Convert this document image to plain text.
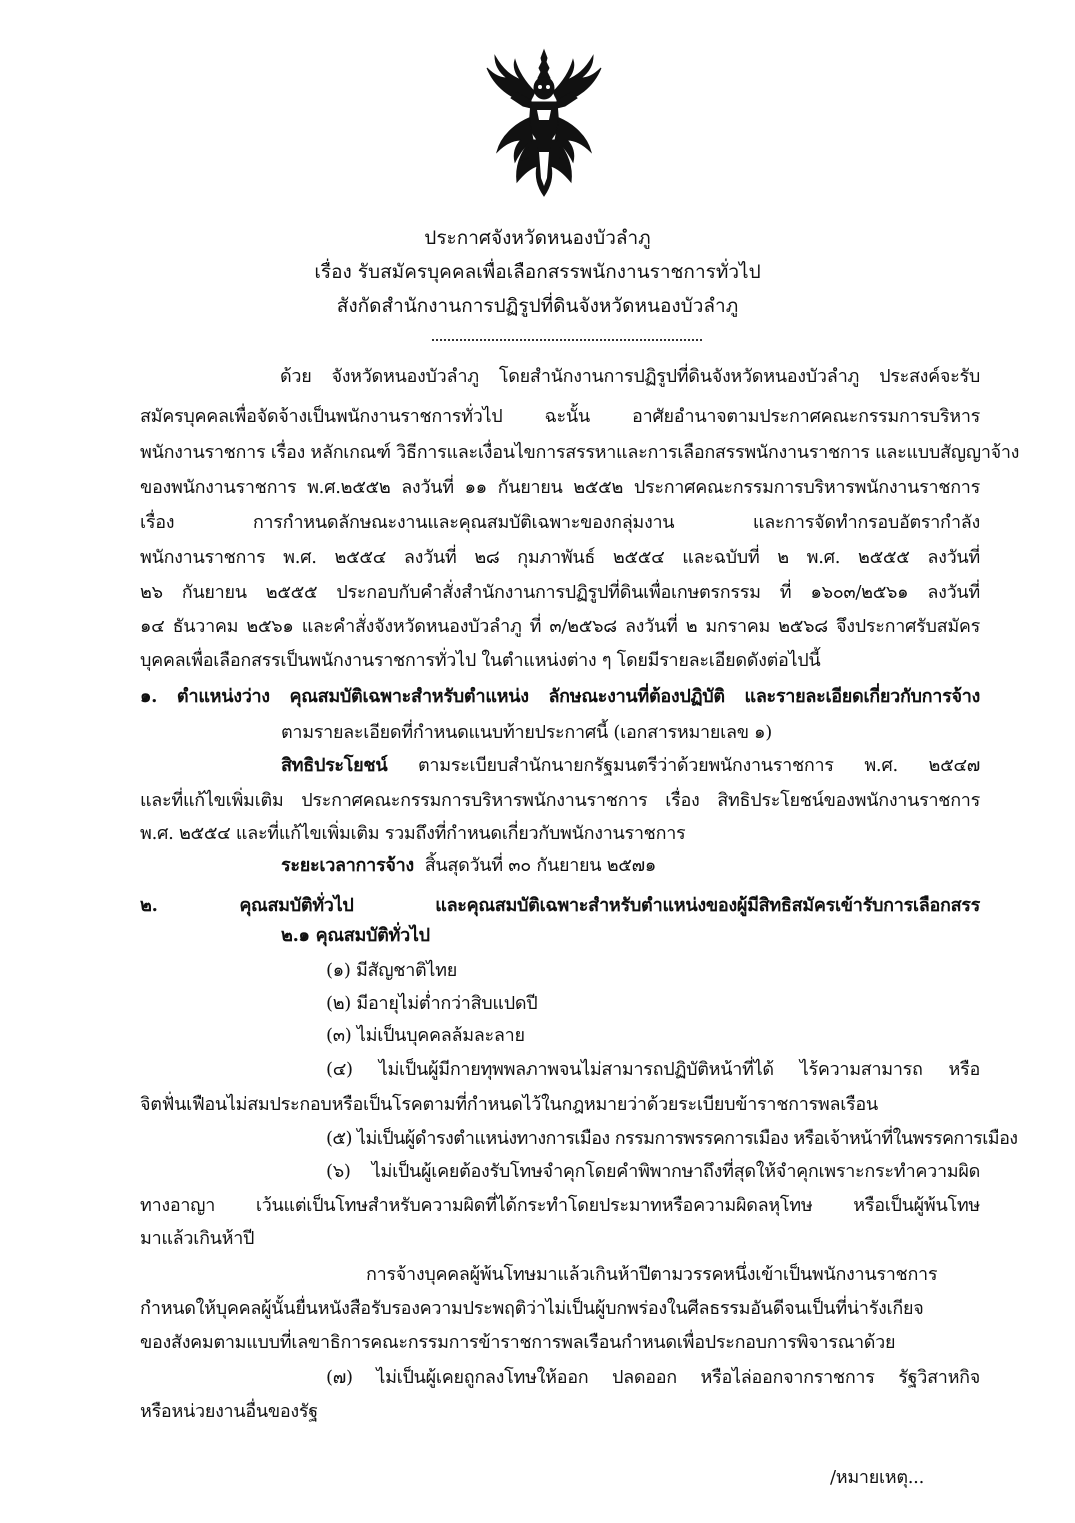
ประกาศจังหวัดหนองบัวลำภู
เรื่อง รับสมัครบุคคลเพื่อเลือกสรรพนักงานราชการทั่วไป
สังกัดสำนักงานการปฏิรูปที่ดินจังหวัดหนองบัวลำภู
ด้วย จังหวัดหนองบัวลำภู โดยสำนักงานการปฏิรูปที่ดินจังหวัดหนองบัวลำภู ประสงค์จะรับ
สมัครบุคคลเพื่อจัดจ้างเป็นพนักงานราชการทั่วไป ฉะนั้น อาศัยอำนาจตามประกาศคณะกรรมการบริหาร
พนักงานราชการ เรื่อง หลักเกณฑ์ วิธีการและเงื่อนไขการสรรหาและการเลือกสรรพนักงานราชการ และแบบสัญญาจ้าง
ของพนักงานราชการ พ.ศ.๒๕๕๒ ลงวันที่ ๑๑ กันยายน ๒๕๕๒ ประกาศคณะกรรมการบริหารพนักงานราชการ
เรื่อง การกำหนดลักษณะงานและคุณสมบัติเฉพาะของกลุ่มงาน และการจัดทำกรอบอัตรากำลัง
พนักงานราชการ พ.ศ. ๒๕๕๔ ลงวันที่ ๒๘ กุมภาพันธ์ ๒๕๕๔ และฉบับที่ ๒ พ.ศ. ๒๕๕๕ ลงวันที่
๒๖ กันยายน ๒๕๕๕ ประกอบกับคำสั่งสำนักงานการปฏิรูปที่ดินเพื่อเกษตรกรรม ที่ ๑๖๐๓/๒๕๖๑ ลงวันที่
๑๔ ธันวาคม ๒๕๖๑ และคำสั่งจังหวัดหนองบัวลำภู ที่ ๓/๒๕๖๘ ลงวันที่ ๒ มกราคม ๒๕๖๘ จึงประกาศรับสมัคร
บุคคลเพื่อเลือกสรรเป็นพนักงานราชการทั่วไป ในตำแหน่งต่าง ๆ โดยมีรายละเอียดดังต่อไปนี้
๑. ตำแหน่งว่าง คุณสมบัติเฉพาะสำหรับตำแหน่ง ลักษณะงานที่ต้องปฏิบัติ และรายละเอียดเกี่ยวกับการจ้าง
ตามรายละเอียดที่กำหนดแนบท้ายประกาศนี้ (เอกสารหมายเลข ๑)
สิทธิประโยชน์ ตามระเบียบสำนักนายกรัฐมนตรีว่าด้วยพนักงานราชการ พ.ศ. ๒๕๔๗
และที่แก้ไขเพิ่มเติม ประกาศคณะกรรมการบริหารพนักงานราชการ เรื่อง สิทธิประโยชน์ของพนักงานราชการ
พ.ศ. ๒๕๕๔ และที่แก้ไขเพิ่มเติม รวมถึงที่กำหนดเกี่ยวกับพนักงานราชการ
ระยะเวลาการจ้าง สิ้นสุดวันที่ ๓๐ กันยายน ๒๕๗๑
๒. คุณสมบัติทั่วไป และคุณสมบัติเฉพาะสำหรับตำแหน่งของผู้มีสิทธิสมัครเข้ารับการเลือกสรร
๒.๑ คุณสมบัติทั่วไป
(๑) มีสัญชาติไทย
(๒) มีอายุไม่ต่ำกว่าสิบแปดปี
(๓) ไม่เป็นบุคคลล้มละลาย
(๔) ไม่เป็นผู้มีกายทุพพลภาพจนไม่สามารถปฏิบัติหน้าที่ได้ ไร้ความสามารถ หรือ
จิตฟั่นเฟือนไม่สมประกอบหรือเป็นโรคตามที่กำหนดไว้ในกฎหมายว่าด้วยระเบียบข้าราชการพลเรือน
(๕) ไม่เป็นผู้ดำรงตำแหน่งทางการเมือง กรรมการพรรคการเมือง หรือเจ้าหน้าที่ในพรรคการเมือง
(๖) ไม่เป็นผู้เคยต้องรับโทษจำคุกโดยคำพิพากษาถึงที่สุดให้จำคุกเพราะกระทำความผิด
ทางอาญา เว้นแต่เป็นโทษสำหรับความผิดที่ได้กระทำโดยประมาทหรือความผิดลหุโทษ หรือเป็นผู้พ้นโทษ
มาแล้วเกินห้าปี
การจ้างบุคคลผู้พ้นโทษมาแล้วเกินห้าปีตามวรรคหนึ่งเข้าเป็นพนักงานราชการ
กำหนดให้บุคคลผู้นั้นยื่นหนังสือรับรองความประพฤติว่าไม่เป็นผู้บกพร่องในศีลธรรมอันดีจนเป็นที่น่ารังเกียจ
ของสังคมตามแบบที่เลขาธิการคณะกรรมการข้าราชการพลเรือนกำหนดเพื่อประกอบการพิจารณาด้วย
(๗) ไม่เป็นผู้เคยถูกลงโทษให้ออก ปลดออก หรือไล่ออกจากราชการ รัฐวิสาหกิจ
หรือหน่วยงานอื่นของรัฐ
/หมายเหตุ...
